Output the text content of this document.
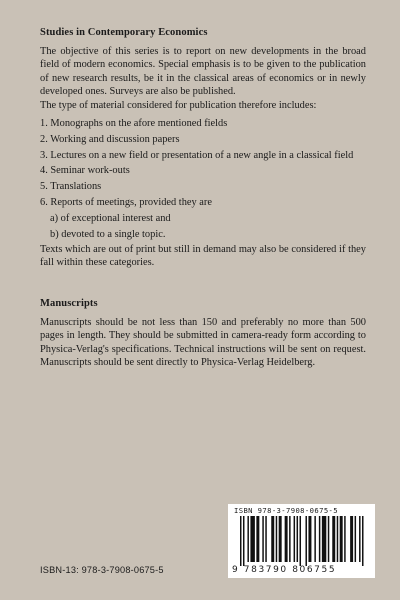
Studies in Contemporary Economics
The objective of this series is to report on new developments in the broad field of modern economics. Special emphasis is to be given to the publication of new research results, be it in the classical areas of economics or in newly developed ones. Surveys are also be published.
The type of material considered for publication therefore includes:
1. Monographs on the afore mentioned fields
2. Working and discussion papers
3. Lectures on a new field or presentation of a new angle in a classical field
4. Seminar work-outs
5. Translations
6. Reports of meetings, provided they are
a) of exceptional interest and
b) devoted to a single topic.
Texts which are out of print but still in demand may also be considered if they fall within these categories.
Manuscripts
Manuscripts should be not less than 150 and preferably no more than 500 pages in length. They should be submitted in camera-ready form according to Physica-Verlag's specifications. Technical instructions will be sent on request. Manuscripts should be sent directly to Physica-Verlag Heidelberg.
ISBN 978-3-7908-0675-5
9 783790 806755
ISBN-13: 978-3-7908-0675-5
